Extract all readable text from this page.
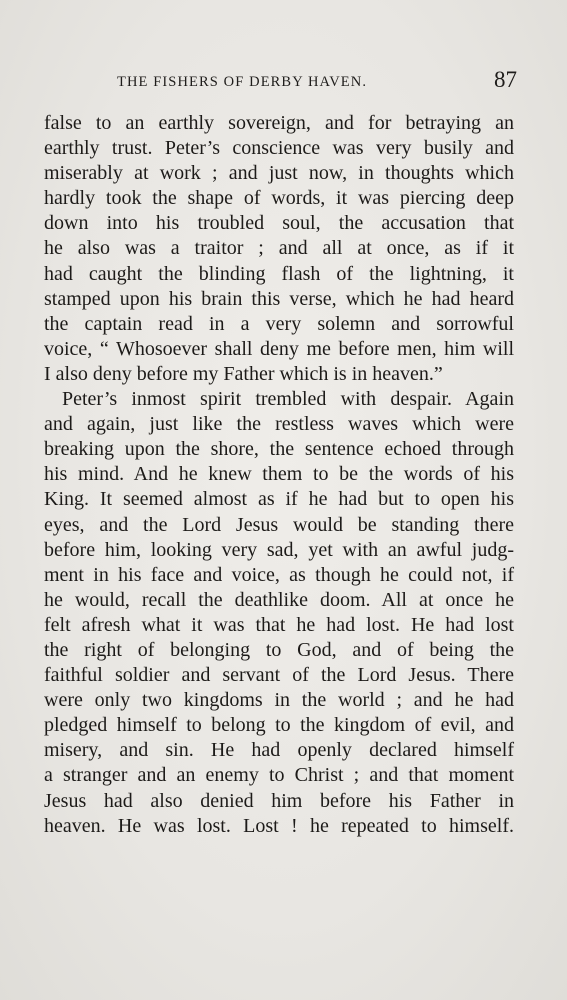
THE FISHERS OF DERBY HAVEN.	87
false to an earthly sovereign, and for betraying an
earthly trust. Peter’s conscience was very busily and
miserably at work ; and just now, in thoughts which
hardly took the shape of words, it was piercing deep
down into his troubled soul, the accusation that
he also was a traitor ; and all at once, as if it
had caught the blinding flash of the lightning, it
stamped upon his brain this verse, which he had heard
the captain read in a very solemn and sorrowful
voice, “ Whosoever shall deny me before men, him will
I also deny before my Father which is in heaven.”
Peter’s inmost spirit trembled with despair. Again
and again, just like the restless waves which were
breaking upon the shore, the sentence echoed through
his mind. And he knew them to be the words of his
King. It seemed almost as if he had but to open his
eyes, and the Lord Jesus would be standing there
before him, looking very sad, yet with an awful judg-
ment in his face and voice, as though he could not, if
he would, recall the deathlike doom. All at once he
felt afresh what it was that he had lost. He had lost
the right of belonging to God, and of being the
faithful soldier and servant of the Lord Jesus. There
were only two kingdoms in the world ; and he had
pledged himself to belong to the kingdom of evil, and
misery, and sin. He had openly declared himself
a stranger and an enemy to Christ ; and that moment
Jesus had also denied him before his Father in
heaven. He was lost. Lost ! he repeated to himself.
